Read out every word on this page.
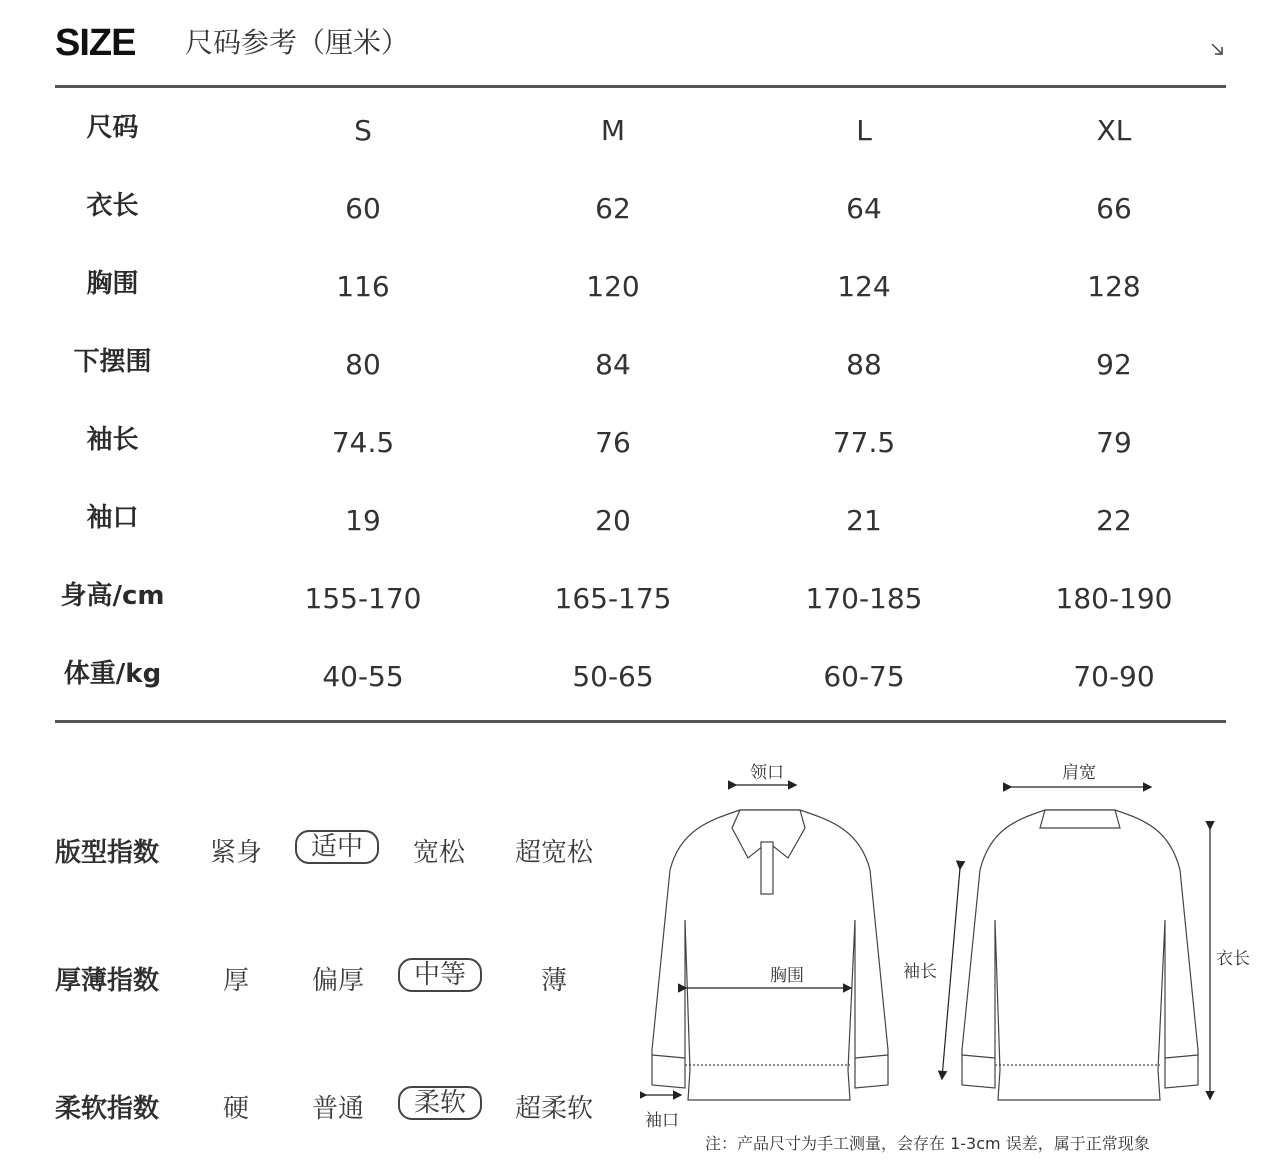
SIZE 尺码参考（厘米）
尺码	S	M	L	XL
衣长	60	62	64	66
胸围	116	120	124	128
下摆围	80	84	88	92
袖长	74.5	76	77.5	79
袖口	19	20	21	22
身高/cm	155-170	165-175	170-185	180-190
体重/kg	40-55	50-65	60-75	70-90
版型指数 紧身	适中	宽松 超宽松
厚薄指数 厚 偏厚	中等	薄
柔软指数 硬 普通	柔软	超柔软
领口	肩宽
胸围	袖长
衣长
袖口
注：产品尺寸为手工测量，会存在 1-3cm 误差，属于正常现象
